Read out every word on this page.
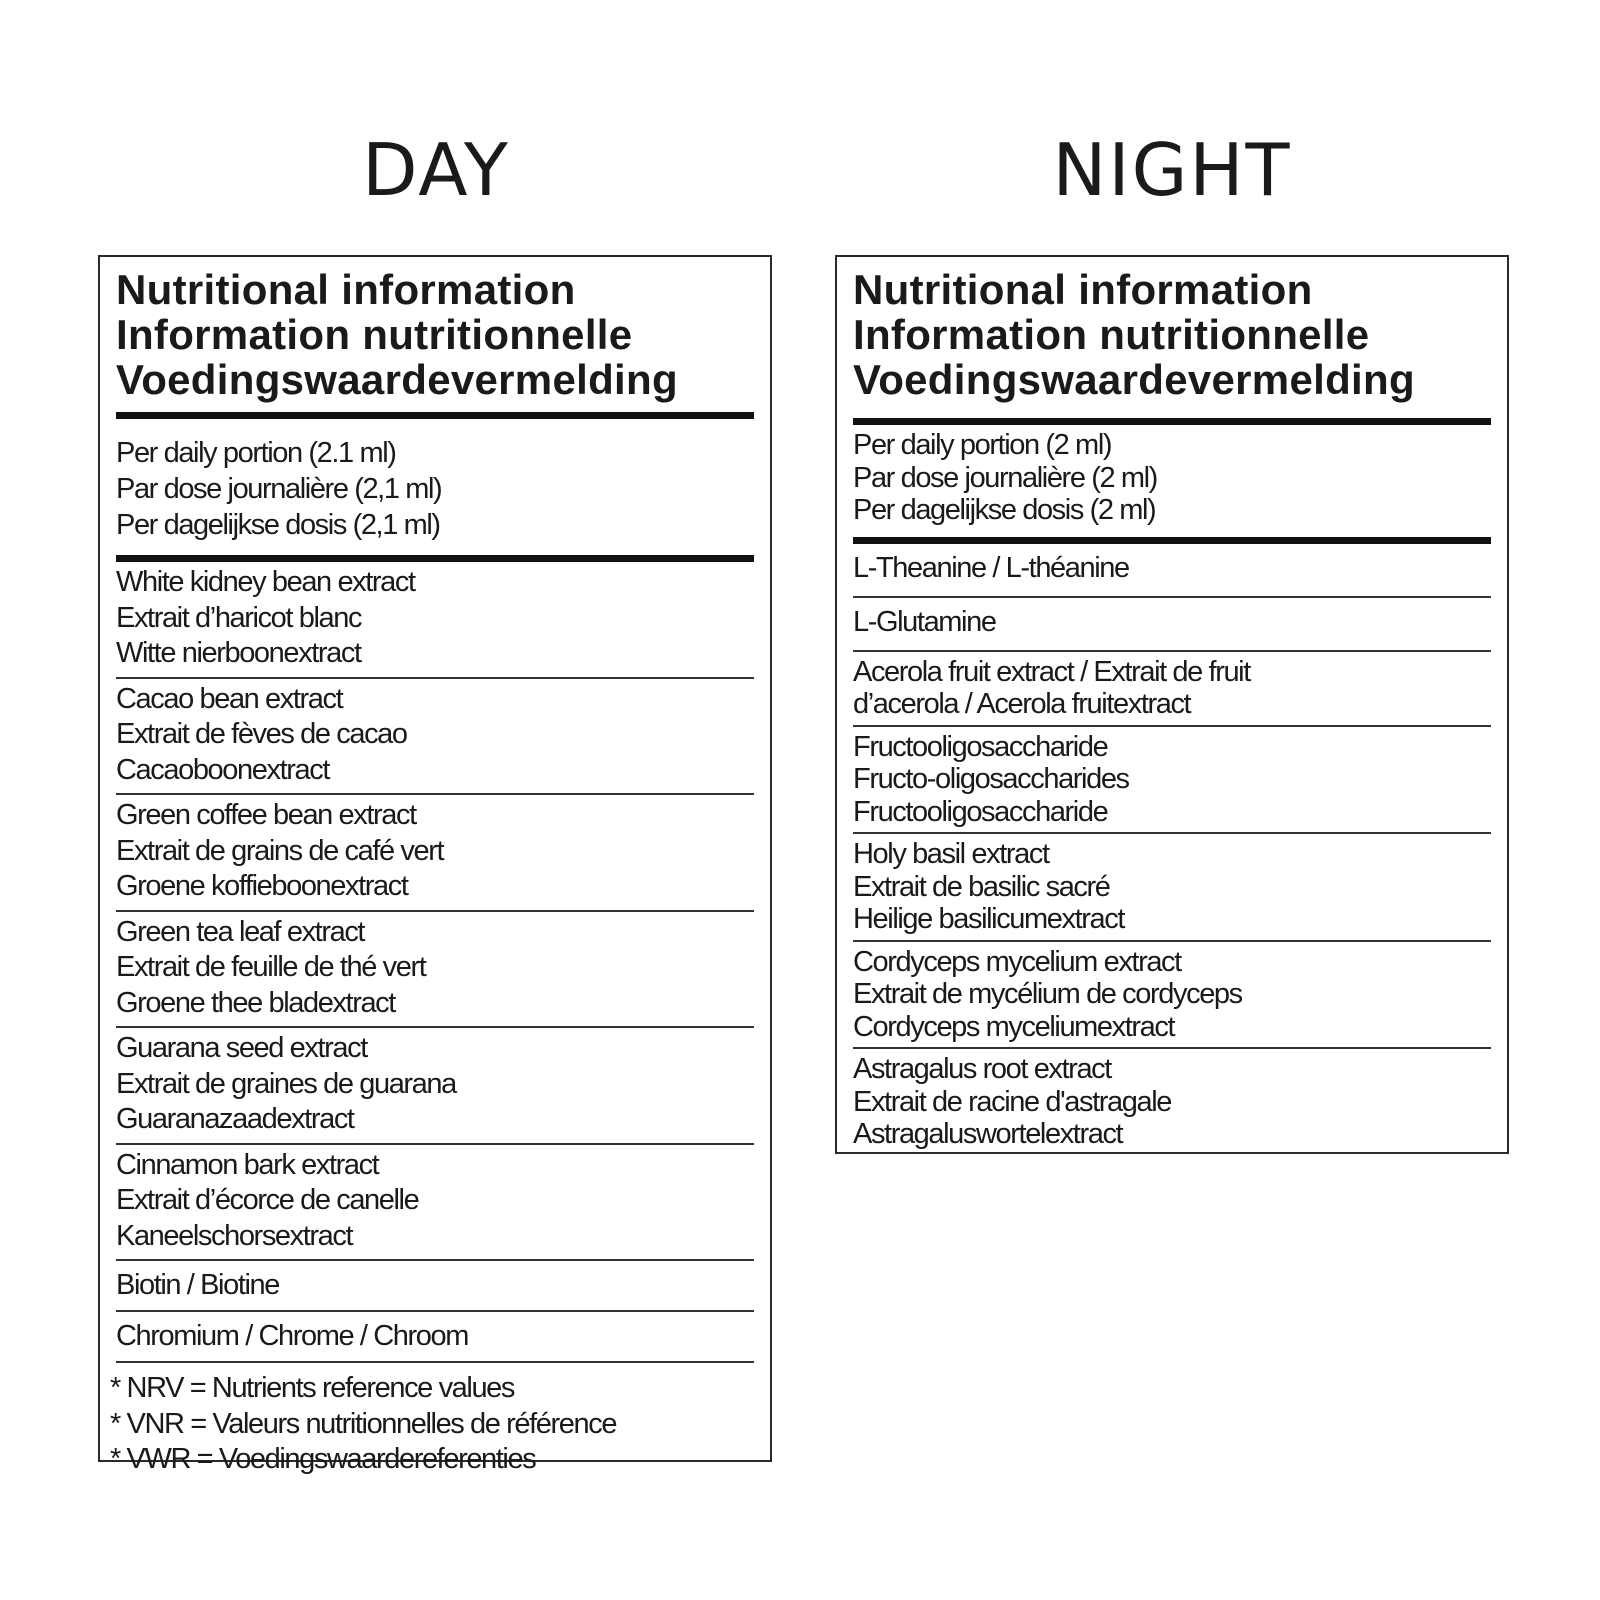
DAY	NIGHT
Nutritional information
Information nutritionnelle
Voedingswaardevermelding
Per daily portion (2.1 ml)
Par dose journalière (2,1 ml)
Per dagelijkse dosis (2,1 ml)
White kidney bean extract
Extrait d’haricot blanc
Witte nierboonextract
Cacao bean extract
Extrait de fèves de cacao
Cacaoboonextract
Green coffee bean extract
Extrait de grains de café vert
Groene koffieboonextract
Green tea leaf extract
Extrait de feuille de thé vert
Groene thee bladextract
Guarana seed extract
Extrait de graines de guarana
Guaranazaadextract
Cinnamon bark extract
Extrait d’écorce de canelle
Kaneelschorsextract
Biotin / Biotine
Chromium / Chrome / Chroom
* NRV = Nutrients reference values
* VNR = Valeurs nutritionnelles de référence
* VWR = Voedingswaardereferenties
Nutritional information
Information nutritionnelle
Voedingswaardevermelding
Per daily portion (2 ml)
Par dose journalière (2 ml)
Per dagelijkse dosis (2 ml)
L-Theanine / L-théanine
L-Glutamine
Acerola fruit extract / Extrait de fruit
d’acerola / Acerola fruitextract
Fructooligosaccharide
Fructo-oligosaccharides
Fructooligosaccharide
Holy basil extract
Extrait de basilic sacré
Heilige basilicumextract
Cordyceps mycelium extract
Extrait de mycélium de cordyceps
Cordyceps myceliumextract
Astragalus root extract
Extrait de racine d'astragale
Astragaluswortelextract
